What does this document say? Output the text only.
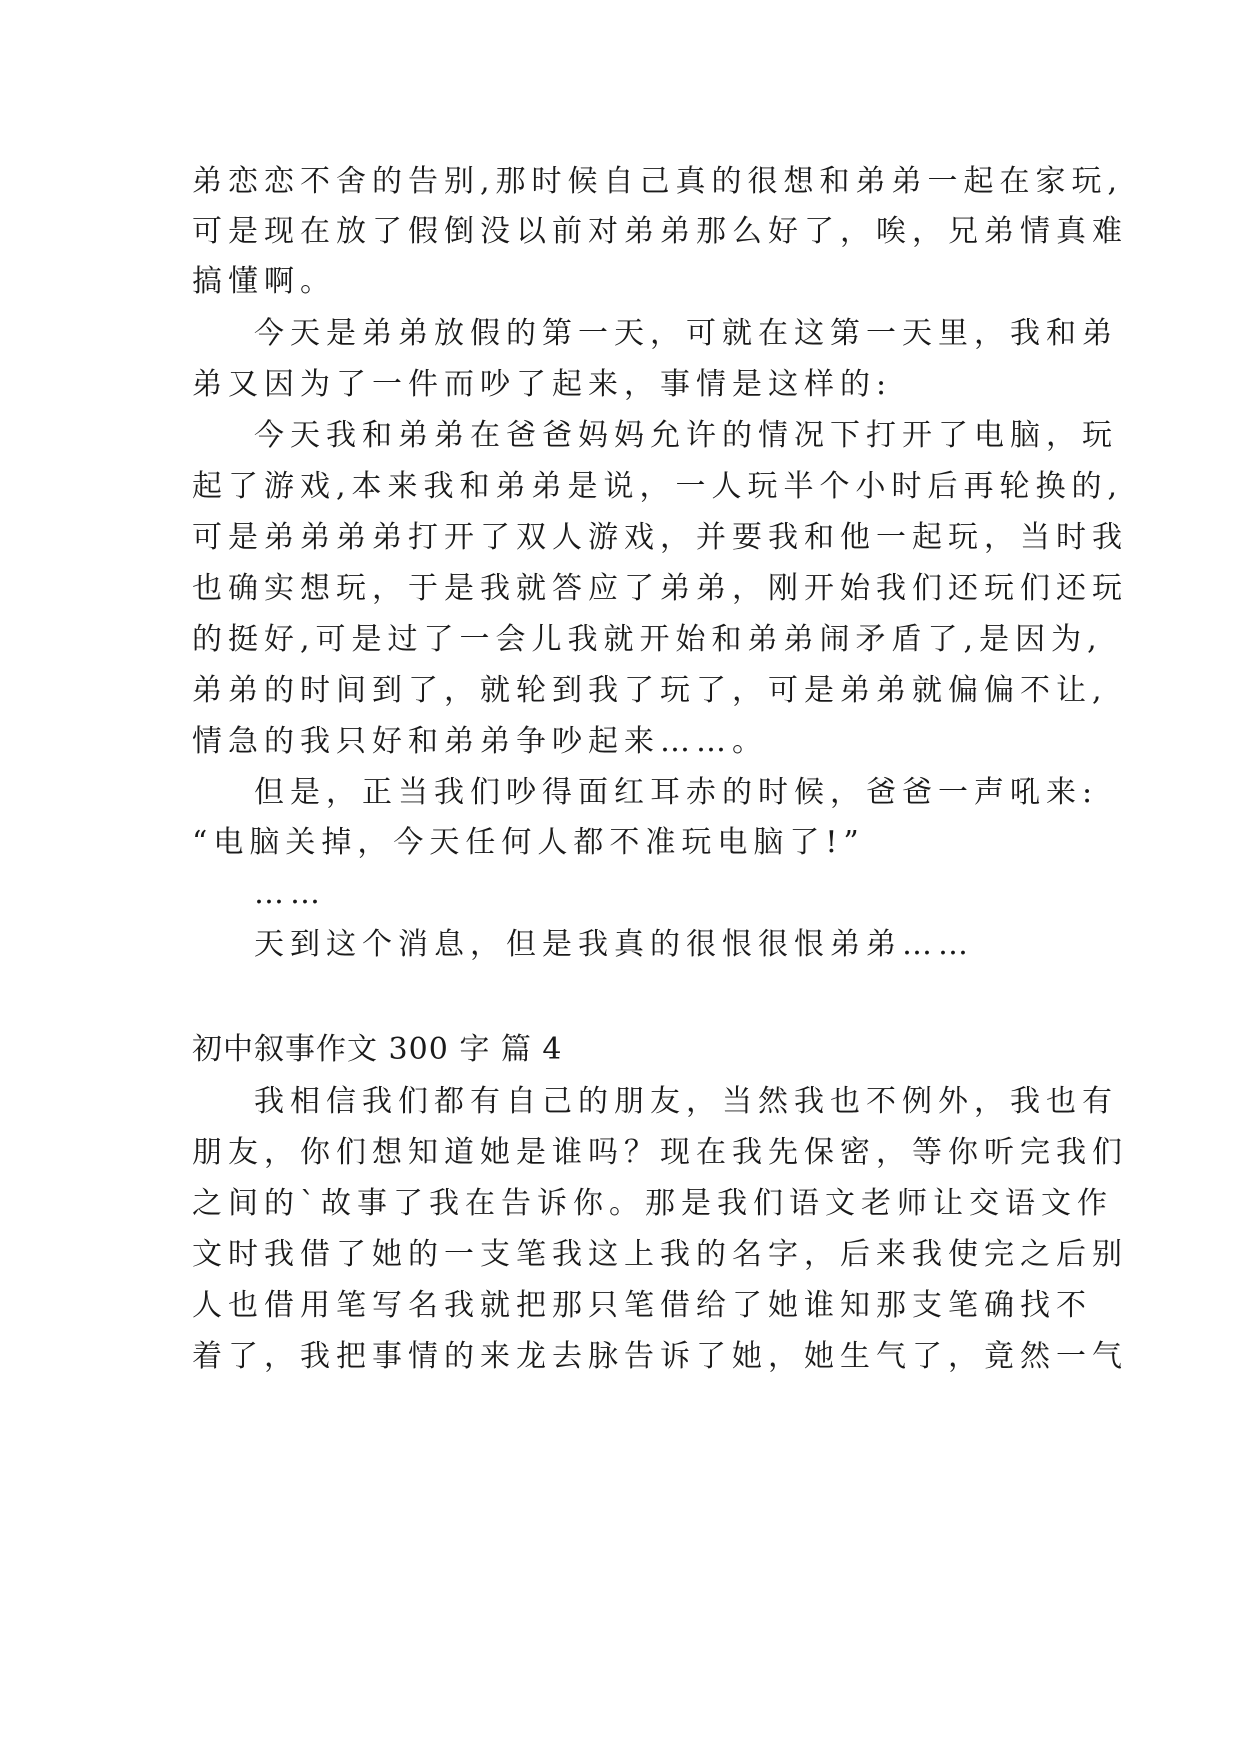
弟恋恋不舍的告别,那时候自己真的很想和弟弟一起在家玩,
可是现在放了假倒没以前对弟弟那么好了，唉，兄弟情真难
搞懂啊。
今天是弟弟放假的第一天，可就在这第一天里，我和弟
弟又因为了一件而吵了起来，事情是这样的:
今天我和弟弟在爸爸妈妈允许的情况下打开了电脑，玩
起了游戏,本来我和弟弟是说，一人玩半个小时后再轮换的,
可是弟弟弟弟打开了双人游戏，并要我和他一起玩，当时我
也确实想玩，于是我就答应了弟弟，刚开始我们还玩们还玩
的挺好,可是过了一会儿我就开始和弟弟闹矛盾了,是因为,
弟弟的时间到了，就轮到我了玩了，可是弟弟就偏偏不让,
情急的我只好和弟弟争吵起来……。
但是，正当我们吵得面红耳赤的时候，爸爸一声吼来:
“电脑关掉，今天任何人都不准玩电脑了!”
……
天到这个消息，但是我真的很恨很恨弟弟……
初中叙事作文 300 字 篇 4
我相信我们都有自己的朋友，当然我也不例外，我也有
朋友，你们想知道她是谁吗？现在我先保密，等你听完我们
之间的`故事了我在告诉你。那是我们语文老师让交语文作
文时我借了她的一支笔我这上我的名字，后来我使完之后别
人也借用笔写名我就把那只笔借给了她谁知那支笔确找不
着了，我把事情的来龙去脉告诉了她，她生气了，竟然一气
